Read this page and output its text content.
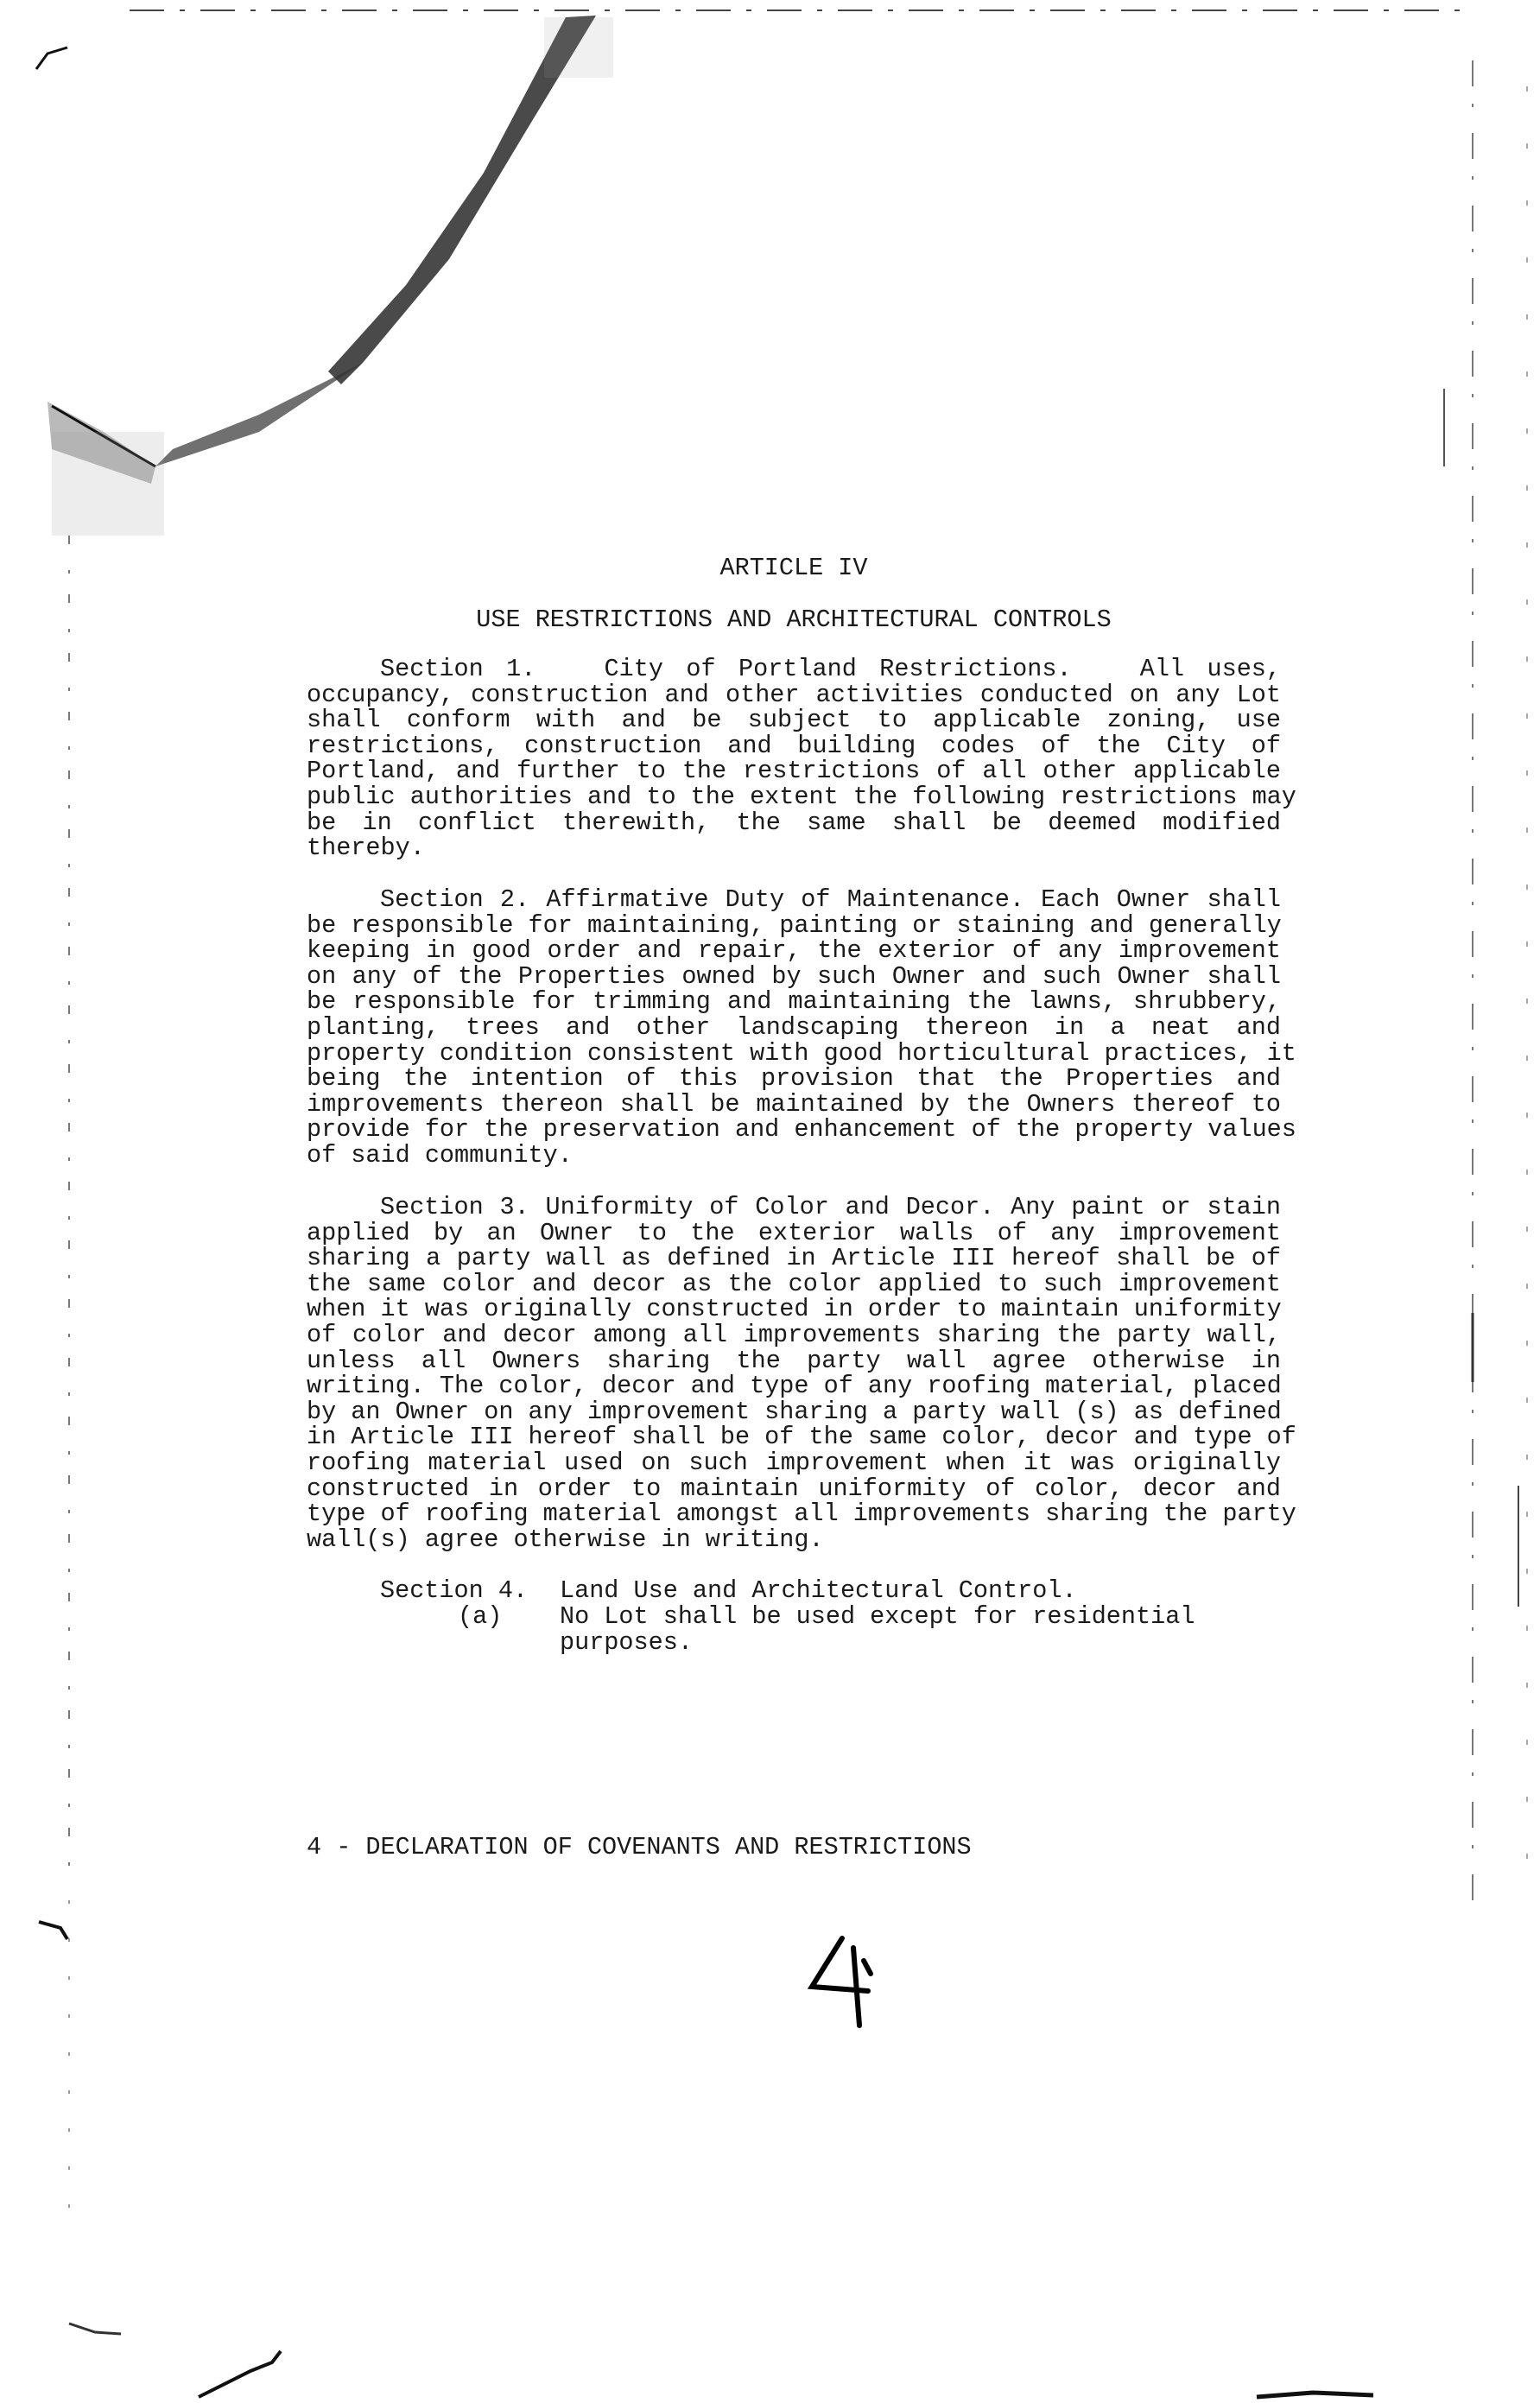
ARTICLE IV
USE RESTRICTIONS AND ARCHITECTURAL CONTROLS
Section 1.   City of Portland Restrictions.   All uses,
occupancy, construction and other activities conducted on any Lot
shall conform with and be subject to applicable zoning, use
restrictions, construction and building codes of the City of
Portland, and further to the restrictions of all other applicable
public authorities and to the extent the following restrictions may
be in conflict therewith, the same shall be deemed modified
thereby.
Section 2. Affirmative Duty of Maintenance. Each Owner shall
be responsible for maintaining, painting or staining and generally
keeping in good order and repair, the exterior of any improvement
on any of the Properties owned by such Owner and such Owner shall
be responsible for trimming and maintaining the lawns, shrubbery,
planting, trees and other landscaping thereon in a neat and
property condition consistent with good horticultural practices, it
being the intention of this provision that the Properties and
improvements thereon shall be maintained by the Owners thereof to
provide for the preservation and enhancement of the property values
of said community.
Section 3. Uniformity of Color and Decor. Any paint or stain
applied by an Owner to the exterior walls of any improvement
sharing a party wall as defined in Article III hereof shall be of
the same color and decor as the color applied to such improvement
when it was originally constructed in order to maintain uniformity
of color and decor among all improvements sharing the party wall,
unless all Owners sharing the party wall agree otherwise in
writing. The color, decor and type of any roofing material, placed
by an Owner on any improvement sharing a party wall (s) as defined
in Article III hereof shall be of the same color, decor and type of
roofing material used on such improvement when it was originally
constructed in order to maintain uniformity of color, decor and
type of roofing material amongst all improvements sharing the party
wall(s) agree otherwise in writing.
Section 4. Land Use and Architectural Control.
(a) No Lot shall be used except for residential
purposes.
4 - DECLARATION OF COVENANTS AND RESTRICTIONS
